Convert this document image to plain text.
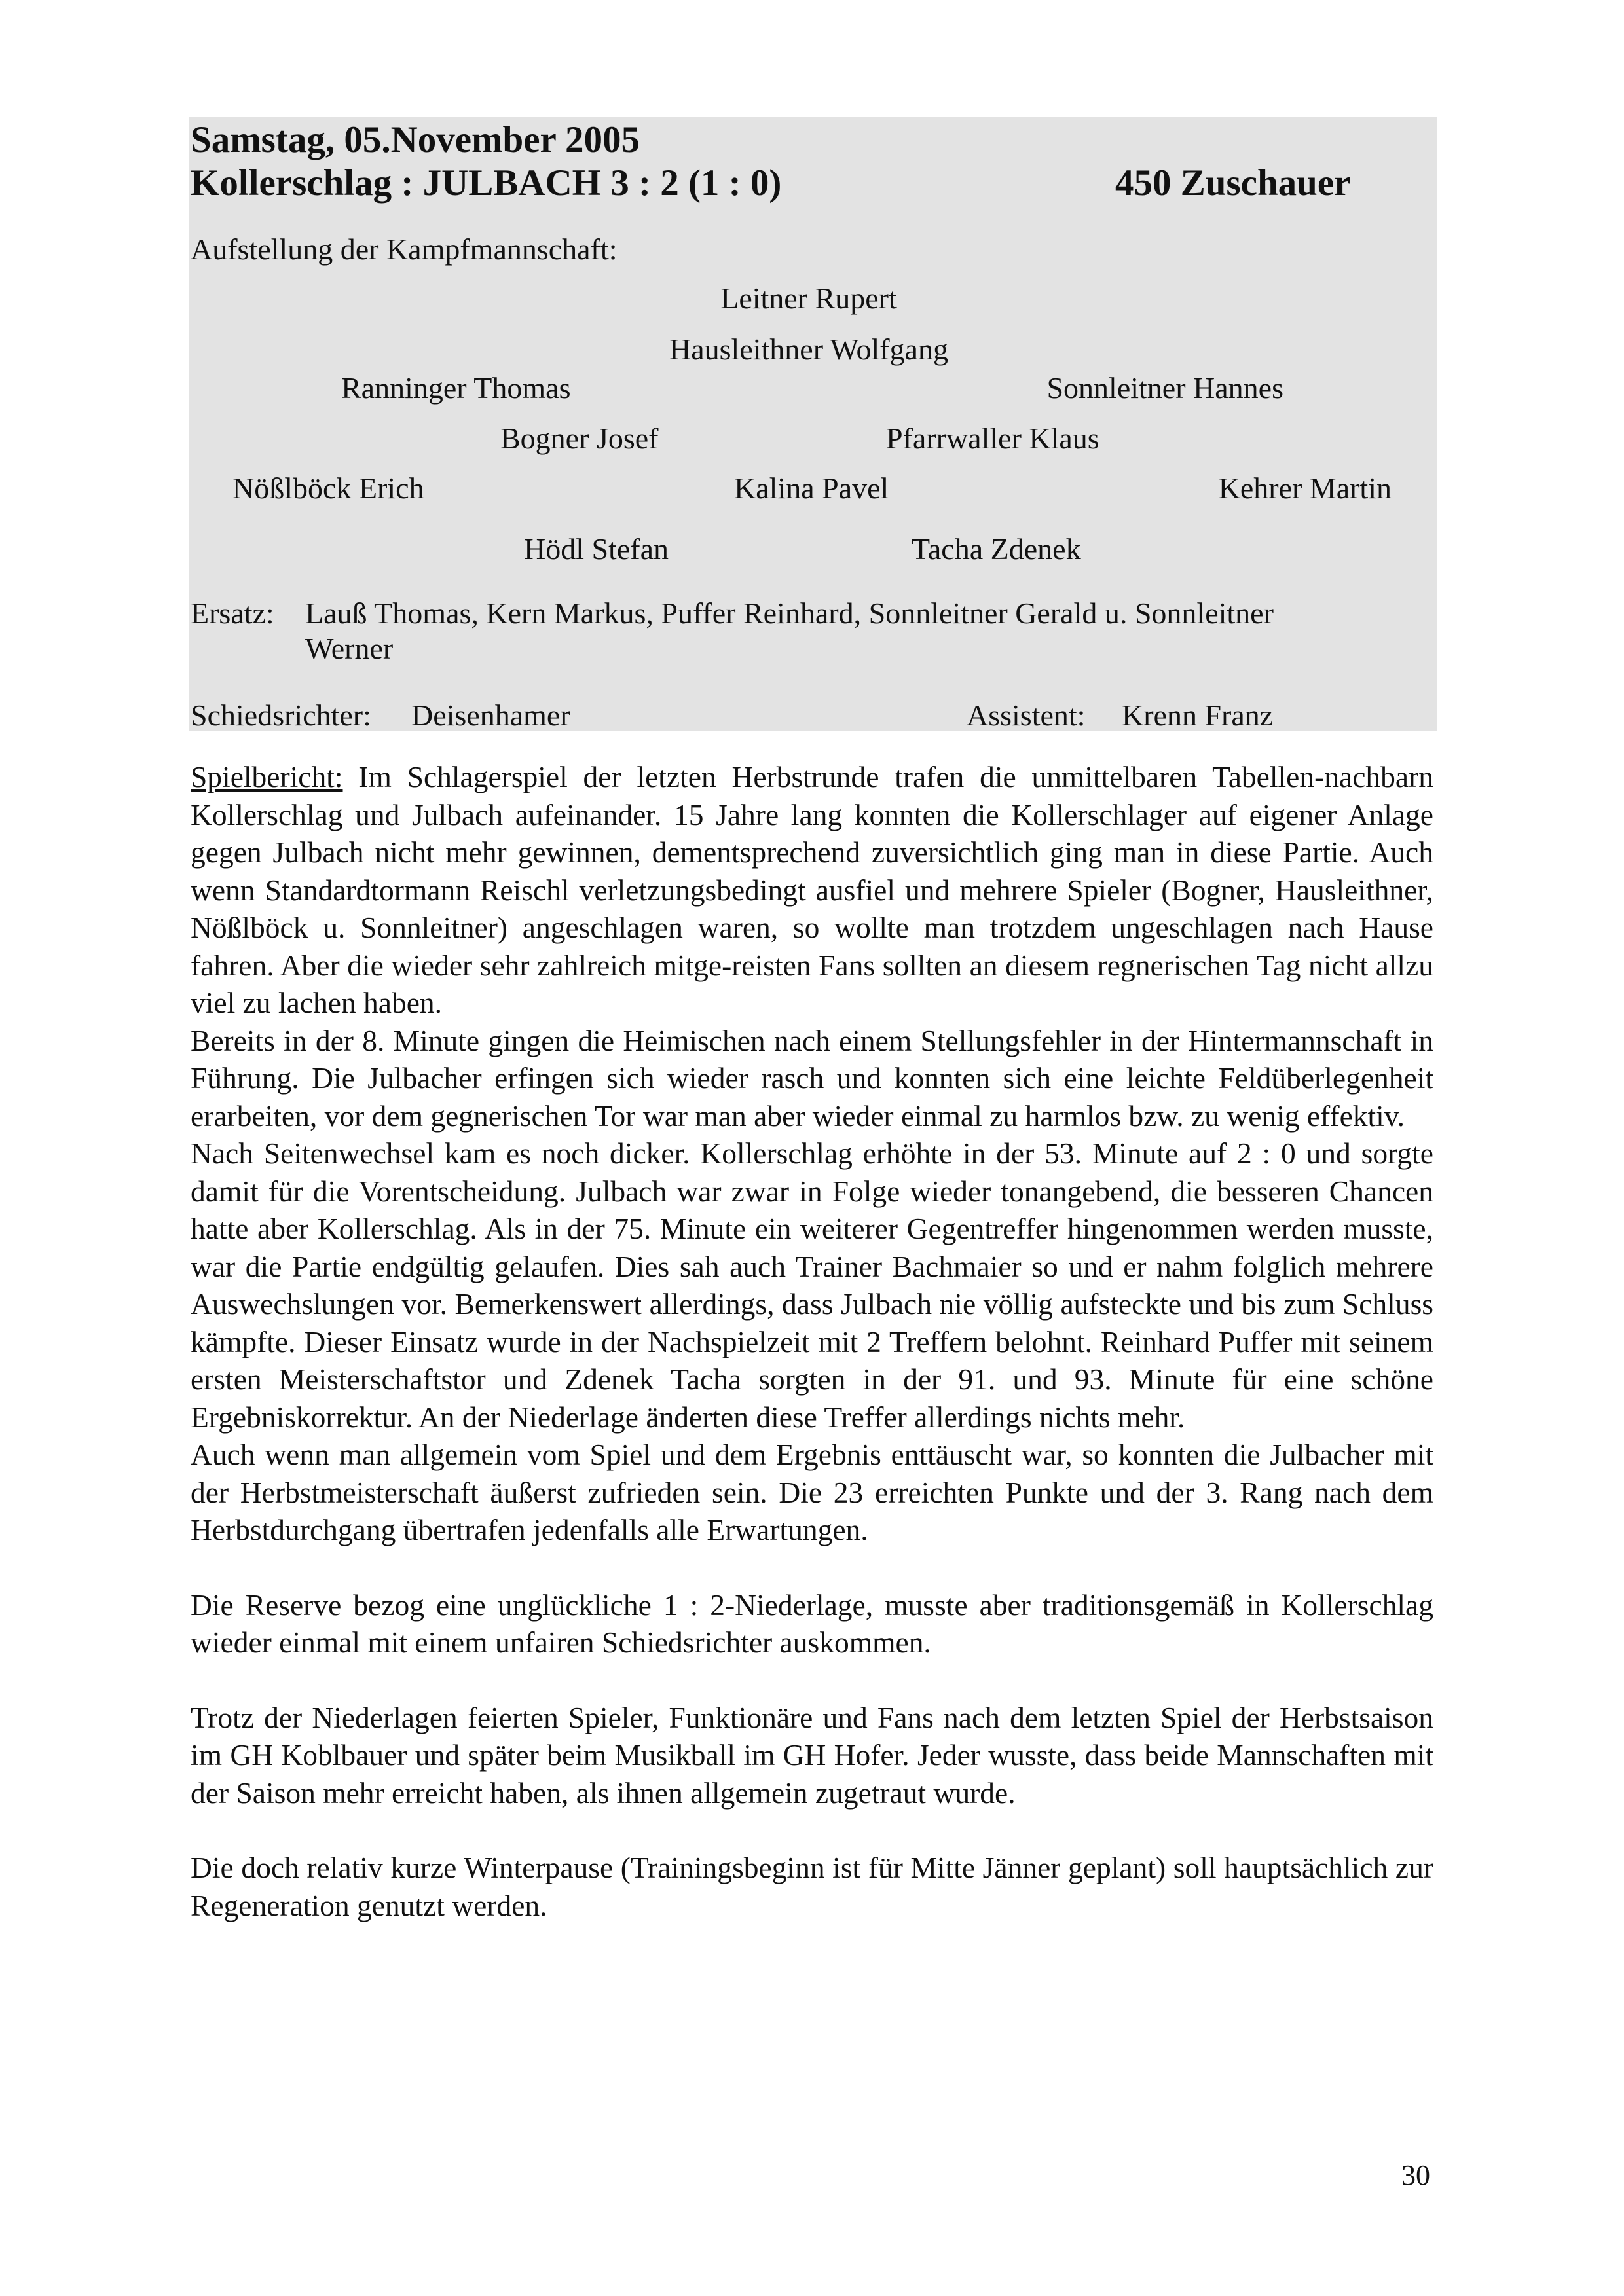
Samstag, 05.November 2005
Kollerschlag : JULBACH 3 : 2 (1 : 0)	450 Zuschauer
Aufstellung der Kampfmannschaft:
Leitner Rupert
Hausleithner Wolfgang
Ranninger Thomas	Sonnleitner Hannes
Bogner Josef	Pfarrwaller Klaus
Nößlböck Erich	Kalina Pavel	Kehrer Martin
Hödl Stefan	Tacha Zdenek
Ersatz: Lauß Thomas, Kern Markus, Puffer Reinhard, Sonnleitner Gerald u. Sonnleitner
Werner
Schiedsrichter: Deisenhamer	Assistent: Krenn Franz

Spielbericht: Im Schlagerspiel der letzten Herbstrunde trafen die unmittelbaren Tabellen-nachbarn Kollerschlag und Julbach aufeinander. 15 Jahre lang konnten die Kollerschlager auf eigener Anlage gegen Julbach nicht mehr gewinnen, dementsprechend zuversichtlich ging man in diese Partie. Auch wenn Standardtormann Reischl verletzungsbedingt ausfiel und mehrere Spieler (Bogner, Hausleithner, Nößlböck u. Sonnleitner) angeschlagen waren, so wollte man trotzdem ungeschlagen nach Hause fahren. Aber die wieder sehr zahlreich mitge-reisten Fans sollten an diesem regnerischen Tag nicht allzu viel zu lachen haben.

Bereits in der 8. Minute gingen die Heimischen nach einem Stellungsfehler in der Hintermannschaft in Führung. Die Julbacher erfingen sich wieder rasch und konnten sich eine leichte Feldüberlegenheit erarbeiten, vor dem gegnerischen Tor war man aber wieder einmal zu harmlos bzw. zu wenig effektiv.

Nach Seitenwechsel kam es noch dicker. Kollerschlag erhöhte in der 53. Minute auf 2 : 0 und sorgte damit für die Vorentscheidung. Julbach war zwar in Folge wieder tonangebend, die besseren Chancen hatte aber Kollerschlag. Als in der 75. Minute ein weiterer Gegentreffer hingenommen werden musste, war die Partie endgültig gelaufen. Dies sah auch Trainer Bachmaier so und er nahm folglich mehrere Auswechslungen vor. Bemerkenswert allerdings, dass Julbach nie völlig aufsteckte und bis zum Schluss kämpfte. Dieser Einsatz wurde in der Nachspielzeit mit 2 Treffern belohnt. Reinhard Puffer mit seinem ersten Meisterschaftstor und Zdenek Tacha sorgten in der 91. und 93. Minute für eine schöne Ergebniskorrektur. An der Niederlage änderten diese Treffer allerdings nichts mehr.

Auch wenn man allgemein vom Spiel und dem Ergebnis enttäuscht war, so konnten die Julbacher mit der Herbstmeisterschaft äußerst zufrieden sein. Die 23 erreichten Punkte und der 3. Rang nach dem Herbstdurchgang übertrafen jedenfalls alle Erwartungen.

Die Reserve bezog eine unglückliche 1 : 2-Niederlage, musste aber traditionsgemäß in Kollerschlag wieder einmal mit einem unfairen Schiedsrichter auskommen.

Trotz der Niederlagen feierten Spieler, Funktionäre und Fans nach dem letzten Spiel der Herbstsaison im GH Koblbauer und später beim Musikball im GH Hofer. Jeder wusste, dass beide Mannschaften mit der Saison mehr erreicht haben, als ihnen allgemein zugetraut wurde.

Die doch relativ kurze Winterpause (Trainingsbeginn ist für Mitte Jänner geplant) soll hauptsächlich zur Regeneration genutzt werden.

30
